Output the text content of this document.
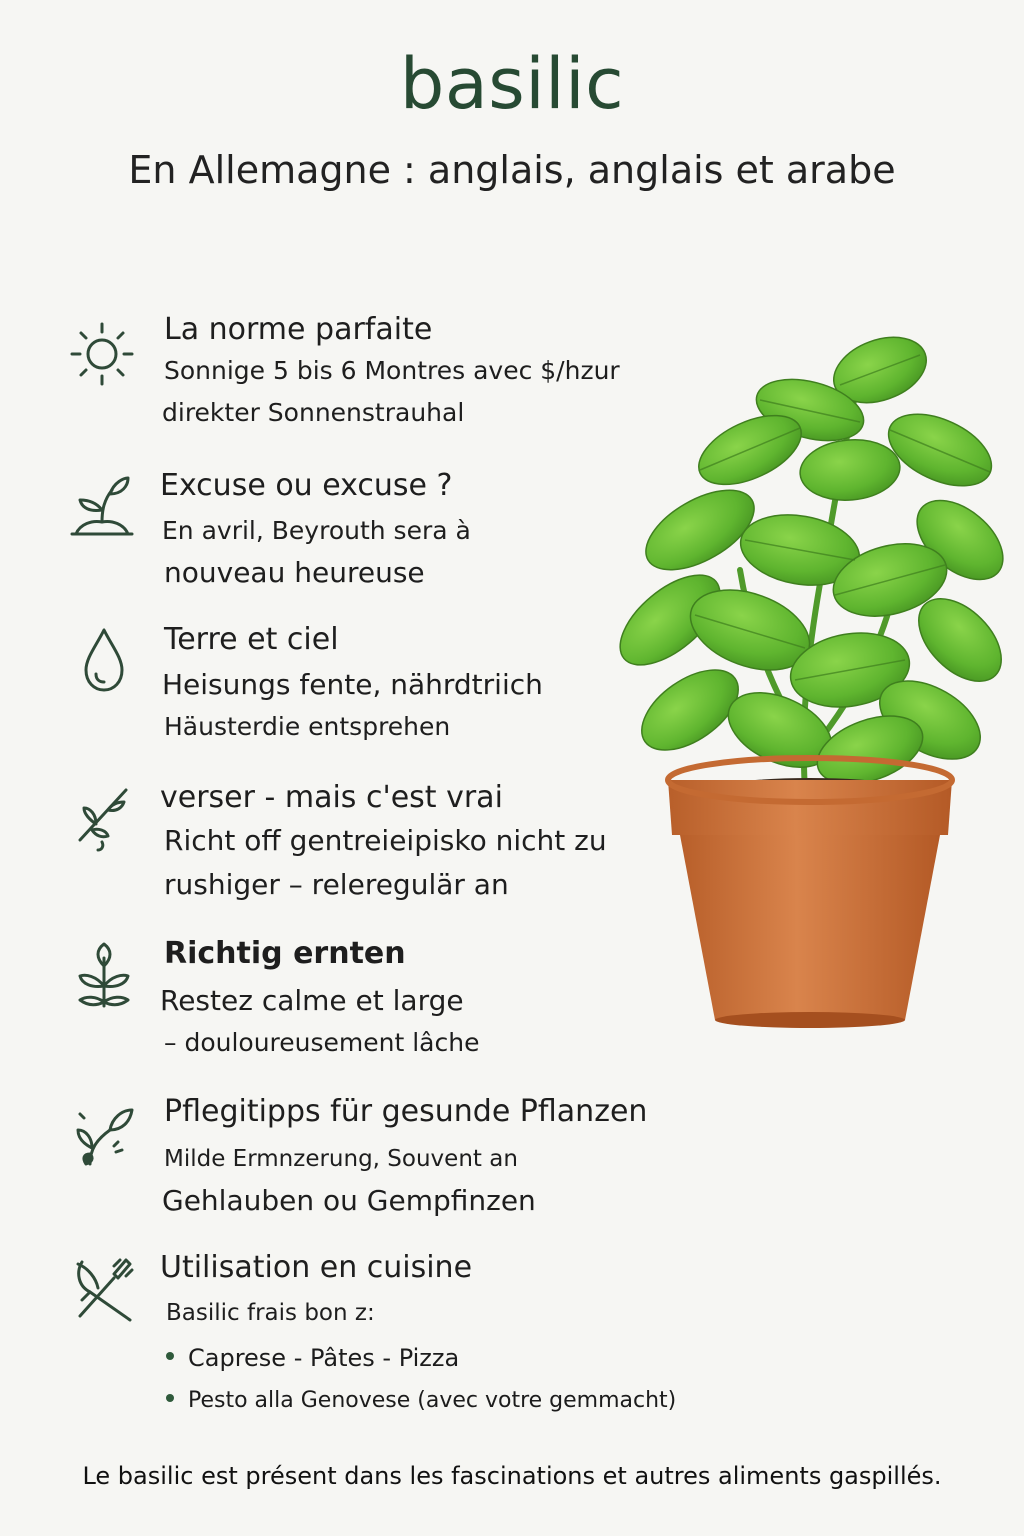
basilic
En Allemagne : anglais, anglais et arabe
La norme parfaite
Sonnige 5 bis 6 Montres avec $/hzur
direkter Sonnenstrauhal
Excuse ou excuse ?
En avril, Beyrouth sera à
nouveau heureuse
Terre et ciel
Heisungs fente, nährdtriich
Häusterdie entsprehen
verser - mais c'est vrai
Richt off gentreieipisko nicht zu
rushiger – releregulär an
Richtig ernten
Restez calme et large
– douloureusement lâche
Pflegitipps für gesunde Pflanzen
Milde Ermnzerung, Souvent an
Gehlauben ou Gempfinzen
Utilisation en cuisine
Basilic frais bon z:
Caprese - Pâtes - Pizza
Pesto alla Genovese (avec votre gemmacht)
Le basilic est présent dans les fascinations et autres aliments gaspillés.
